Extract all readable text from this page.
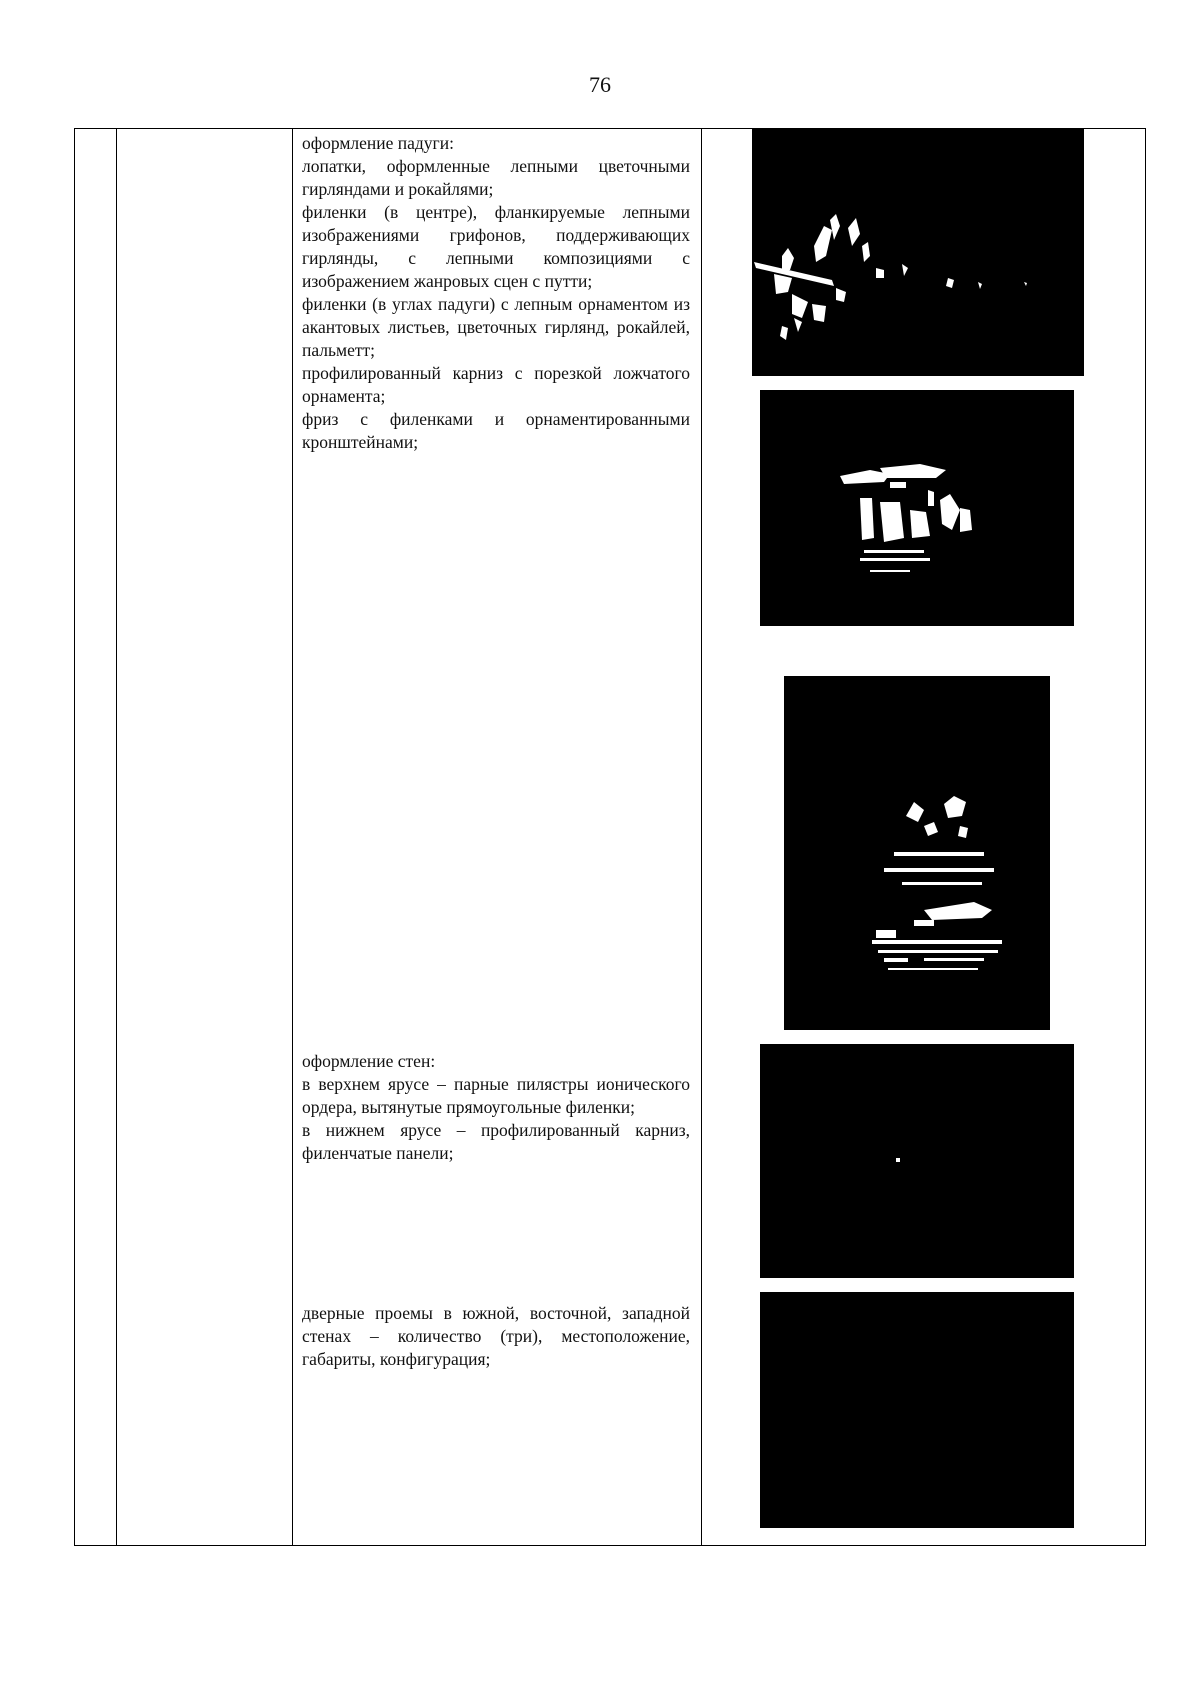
76

оформление падуги:

лопатки, оформленные лепными цветочными гирляндами и рокайлями;

филенки (в центре), фланкируемые лепными изображениями грифонов, поддерживающих гирлянды, с лепными композициями с изображением жанровых сцен с путти;

филенки (в углах падуги) с лепным орнаментом из акантовых листьев, цветочных гирлянд, рокайлей, пальметт;

профилированный карниз с порезкой ложчатого орнамента;

фриз с филенками и орнаментированными кронштейнами;

оформление стен:

в верхнем ярусе – парные пилястры ионического ордера, вытянутые прямоугольные филенки;

в нижнем ярусе – профилированный карниз, филенчатые панели;

дверные проемы в южной, восточной, западной стенах – количество (три), местоположение, габариты, конфигурация;
